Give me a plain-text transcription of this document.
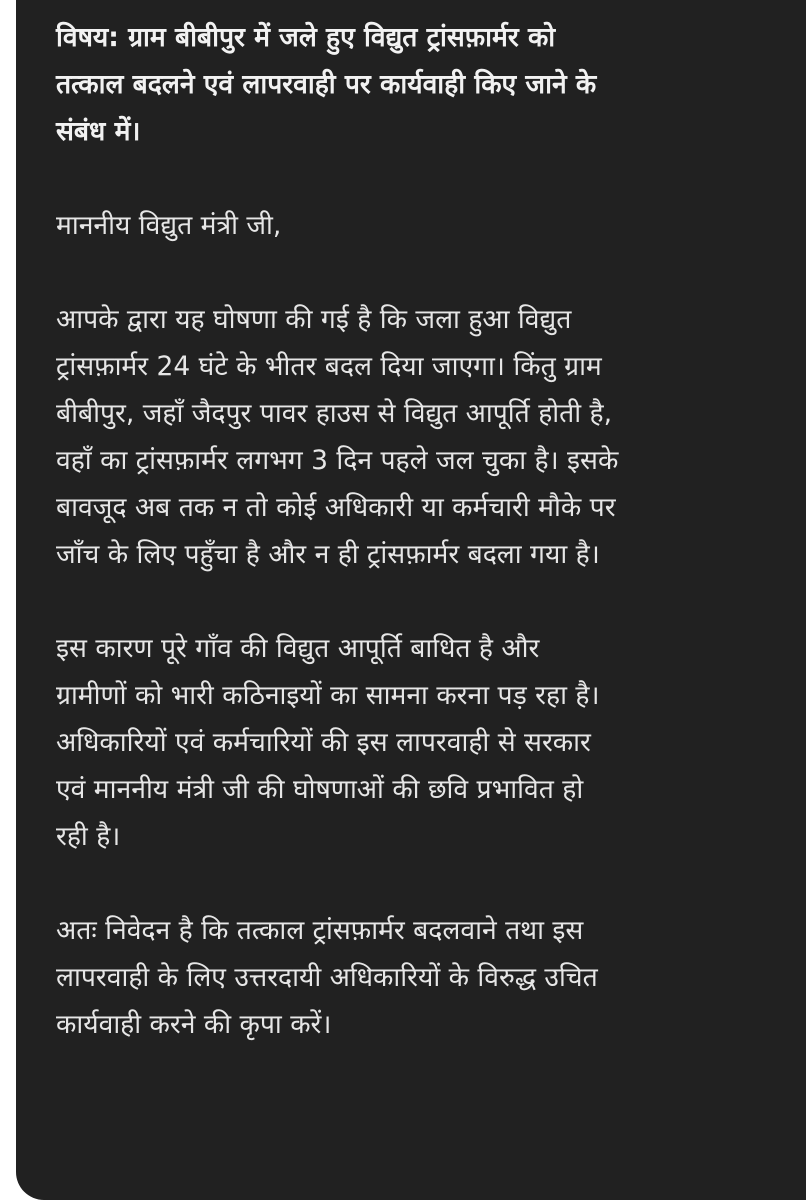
विषय: ग्राम बीबीपुर में जले हुए विद्युत ट्रांसफ़ार्मर को
तत्काल बदलने एवं लापरवाही पर कार्यवाही किए जाने के
संबंध में।

माननीय विद्युत मंत्री जी,

आपके द्वारा यह घोषणा की गई है कि जला हुआ विद्युत
ट्रांसफ़ार्मर 24 घंटे के भीतर बदल दिया जाएगा। किंतु ग्राम
बीबीपुर, जहाँ जैदपुर पावर हाउस से विद्युत आपूर्ति होती है,
वहाँ का ट्रांसफ़ार्मर लगभग 3 दिन पहले जल चुका है। इसके
बावजूद अब तक न तो कोई अधिकारी या कर्मचारी मौके पर
जाँच के लिए पहुँचा है और न ही ट्रांसफ़ार्मर बदला गया है।

इस कारण पूरे गाँव की विद्युत आपूर्ति बाधित है और
ग्रामीणों को भारी कठिनाइयों का सामना करना पड़ रहा है।
अधिकारियों एवं कर्मचारियों की इस लापरवाही से सरकार
एवं माननीय मंत्री जी की घोषणाओं की छवि प्रभावित हो
रही है।

अतः निवेदन है कि तत्काल ट्रांसफ़ार्मर बदलवाने तथा इस
लापरवाही के लिए उत्तरदायी अधिकारियों के विरुद्ध उचित
कार्यवाही करने की कृपा करें।
